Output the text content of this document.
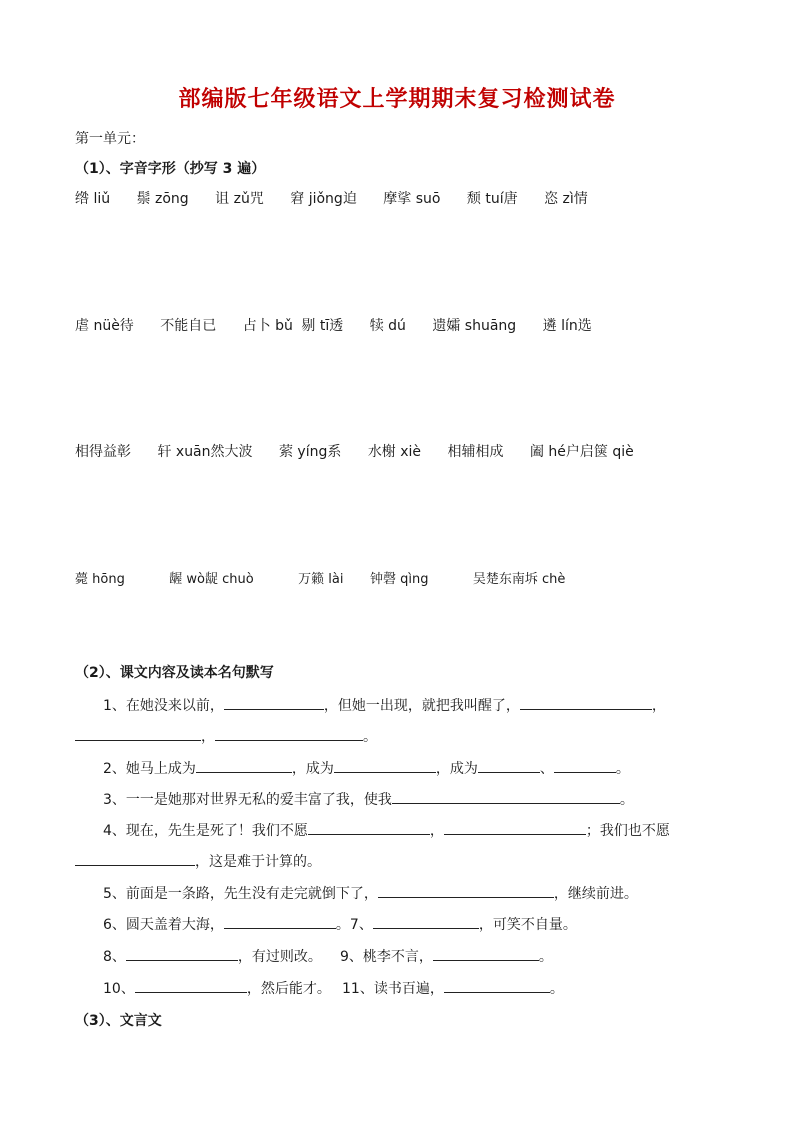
部编版七年级语文上学期期末复习检测试卷
第一单元：
（1）、字音字形（抄写 3 遍）
绺 liǔ 鬃 zōng 诅 zǔ咒 窘 jiǒng迫 摩挲 suō 颓 tuí唐 恣 zì情
虐 nüè待 不能自已 占卜 bǔ 剔 tī透 犊 dú 遗孀 shuāng 遴 lín选
相得益彰 轩 xuān然大波 萦 yíng系 水榭 xiè 相辅相成 阖 hé户启箧 qiè
薨 hōng	龌 wò龊 chuò	万籁 lài 钟磬 qìng	吴楚东南坼 chè
（2）、课文内容及读本名句默写
1、在她没来以前，	，但她一出现，就把我叫醒了，	，
，	。
2、她马上成为	，成为	，成为	、	。
3、一一是她那对世界无私的爱丰富了我，使我	。
4、现在，先生是死了！我们不愿	，	；我们也不愿
，这是难于计算的。
5、前面是一条路，先生没有走完就倒下了，	，继续前进。
6、圆天盖着大海，	。7、	，可笑不自量。
8、	，有过则改。 9、桃李不言，	。
10、	，然后能才。 11、读书百遍，	。
（3）、文言文
